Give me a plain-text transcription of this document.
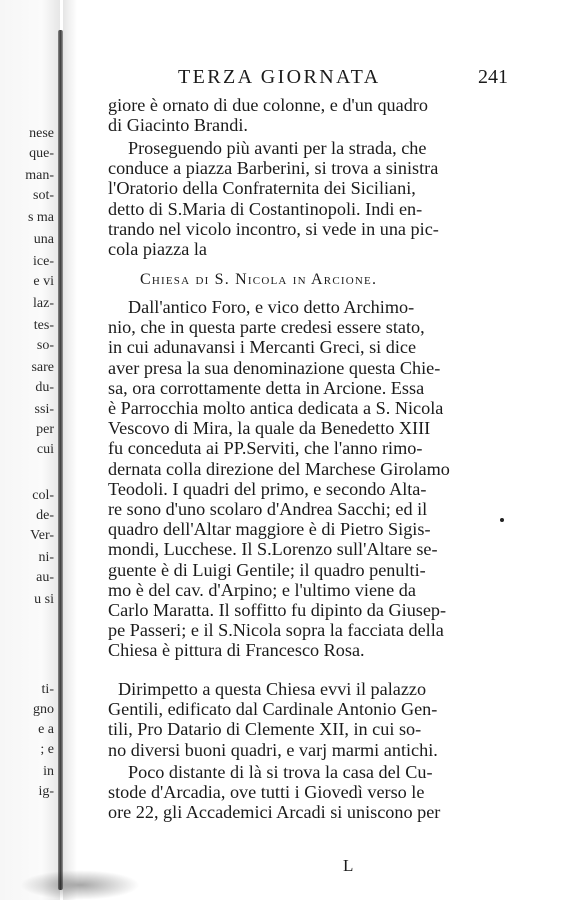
nese
que-
man-
sot-
s ma
una
ice-
e vi
laz-
tes-
so-
sare
du-
ssi-
per
cui
col-
de-
Ver-
ni-
au-
u si
ti-
gno
e a
; e
in
ig-
TERZA GIORNATA	241
giore è ornato di due colonne, e d'un quadro
di Giacinto Brandi.
Proseguendo più avanti per la strada, che
conduce a piazza Barberini, si trova a sinistra
l'Oratorio della Confraternita dei Siciliani,
detto di S.Maria di Costantinopoli. Indi en-
trando nel vicolo incontro, si vede in una pic-
cola piazza la
Chiesa di S. Nicola in Arcione.
Dall'antico Foro, e vico detto Archimo-
nio, che in questa parte credesi essere stato,
in cui adunavansi i Mercanti Greci, si dice
aver presa la sua denominazione questa Chie-
sa, ora corrottamente detta in Arcione. Essa
è Parrocchia molto antica dedicata a S. Nicola
Vescovo di Mira, la quale da Benedetto XIII
fu conceduta ai PP.Serviti, che l'anno rimo-
dernata colla direzione del Marchese Girolamo
Teodoli. I quadri del primo, e secondo Alta-
re sono d'uno scolaro d'Andrea Sacchi; ed il
quadro dell'Altar maggiore è di Pietro Sigis-
mondi, Lucchese. Il S.Lorenzo sull'Altare se-
guente è di Luigi Gentile; il quadro penulti-
mo è del cav. d'Arpino; e l'ultimo viene da
Carlo Maratta. Il soffitto fu dipinto da Giusep-
pe Passeri; e il S.Nicola sopra la facciata della
Chiesa è pittura di Francesco Rosa.
Dirimpetto a questa Chiesa evvi il palazzo
Gentili, edificato dal Cardinale Antonio Gen-
tili, Pro Datario di Clemente XII, in cui so-
no diversi buoni quadri, e varj marmi antichi.
Poco distante di là si trova la casa del Cu-
stode d'Arcadia, ove tutti i Giovedì verso le
ore 22, gli Accademici Arcadi si uniscono per
L
